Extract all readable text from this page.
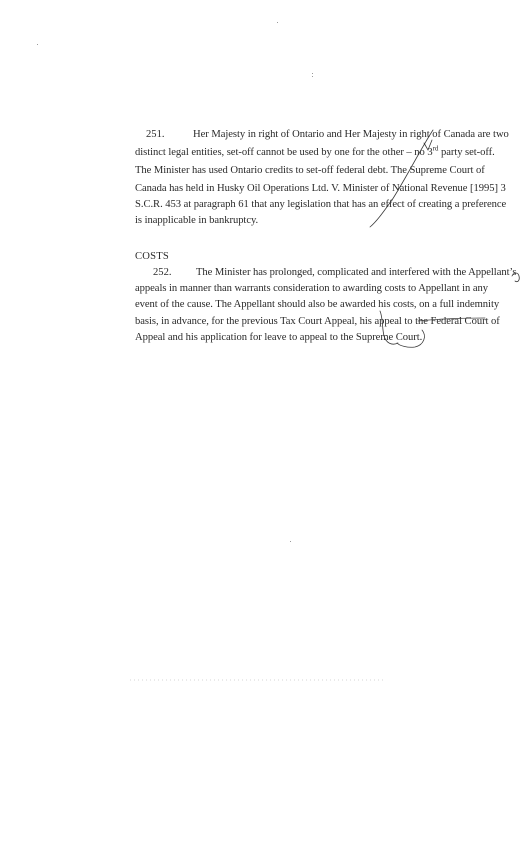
251.	Her Majesty in right of Ontario and Her Majesty in right of Canada are two
distinct legal entities, set-off cannot be used by one for the other – no 3rd party set-off.
The Minister has used Ontario credits to set-off federal debt. The Supreme Court of
Canada has held in Husky Oil Operations Ltd. V. Minister of National Revenue [1995] 3
S.C.R. 453 at paragraph 61 that any legislation that has an effect of creating a preference
is inapplicable in bankruptcy.
COSTS
252. The Minister has prolonged, complicated and interfered with the Appellant’s
appeals in manner than warrants consideration to awarding costs to Appellant in any
event of the cause. The Appellant should also be awarded his costs, on a full indemnity
basis, in advance, for the previous Tax Court Appeal, his appeal to the Federal Court of
Appeal and his application for leave to appeal to the Supreme Court.
